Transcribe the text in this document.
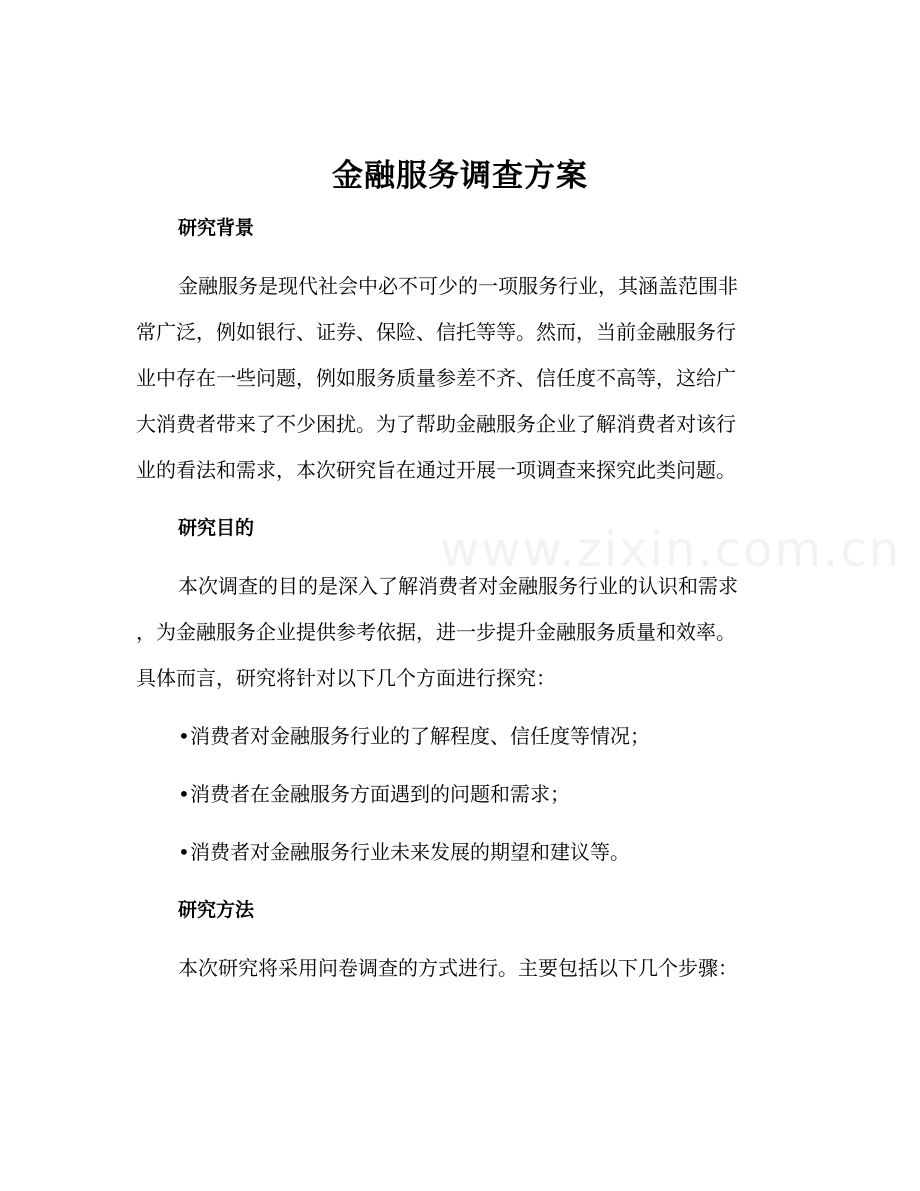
www.zixin.com.cn
金融服务调查方案
研究背景
金融服务是现代社会中必不可少的一项服务行业，其涵盖范围非
常广泛，例如银行、证券、保险、信托等等。然而，当前金融服务行
业中存在一些问题，例如服务质量参差不齐、信任度不高等，这给广
大消费者带来了不少困扰。为了帮助金融服务企业了解消费者对该行
业的看法和需求，本次研究旨在通过开展一项调查来探究此类问题。
研究目的
本次调查的目的是深入了解消费者对金融服务行业的认识和需求
，为金融服务企业提供参考依据，进一步提升金融服务质量和效率。
具体而言，研究将针对以下几个方面进行探究：

•消费者对金融服务行业的了解程度、信任度等情况；

•消费者在金融服务方面遇到的问题和需求；

•消费者对金融服务行业未来发展的期望和建议等。

研究方法
本次研究将采用问卷调查的方式进行。主要包括以下几个步骤：
